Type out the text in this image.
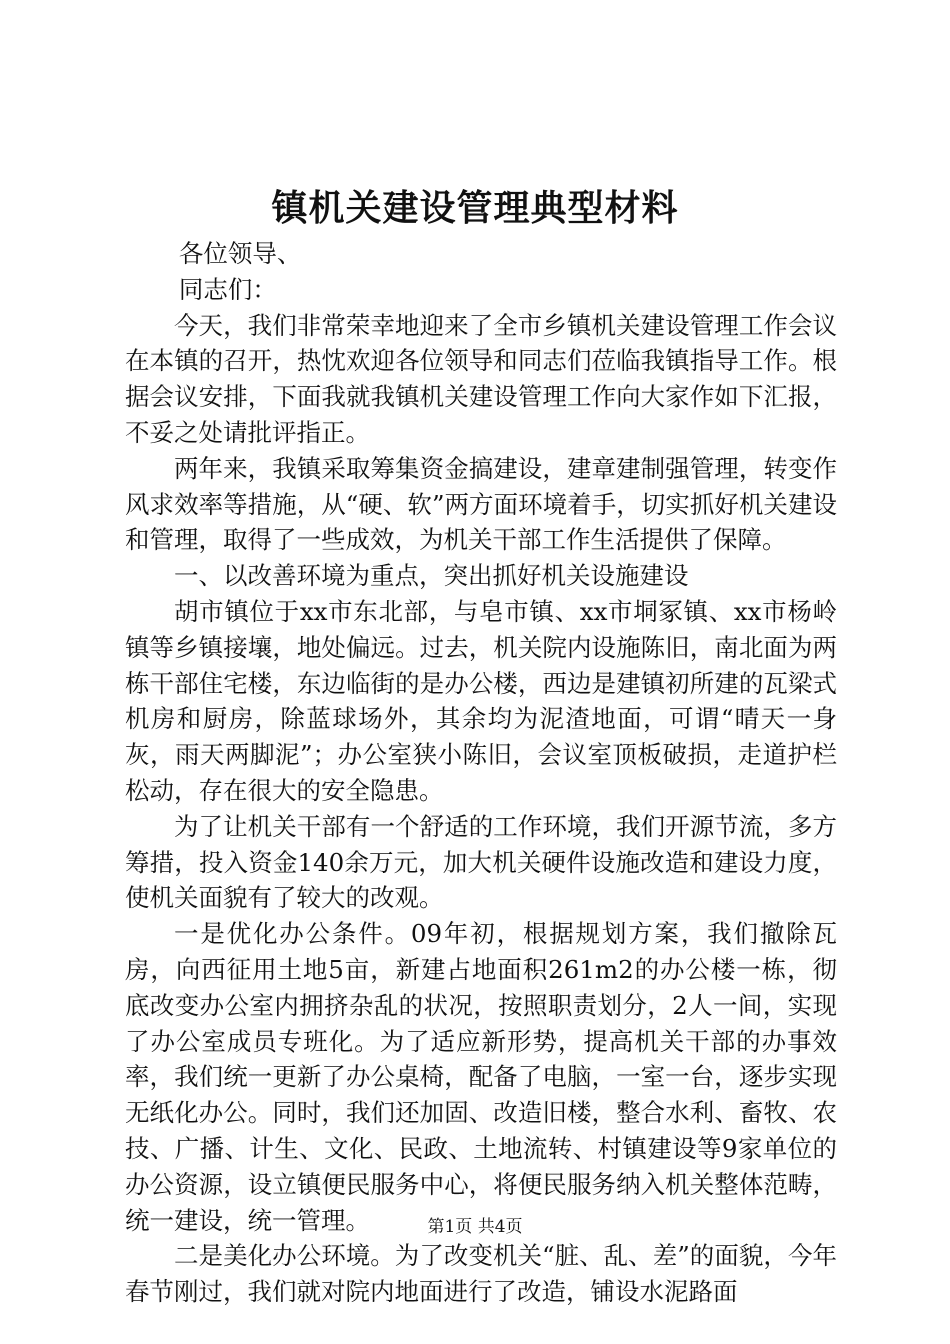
镇机关建设管理典型材料

各位领导、

同志们：

今天，我们非常荣幸地迎来了全市乡镇机关建设管理工作会议在本镇的召开，热忱欢迎各位领导和同志们莅临我镇指导工作。根据会议安排，下面我就我镇机关建设管理工作向大家作如下汇报，不妥之处请批评指正。

两年来，我镇采取筹集资金搞建设，建章建制强管理，转变作风求效率等措施，从“硬、软”两方面环境着手，切实抓好机关建设和管理，取得了一些成效，为机关干部工作生活提供了保障。

一、以改善环境为重点，突出抓好机关设施建设

胡市镇位于xx市东北部，与皂市镇、xx市垌冢镇、xx市杨岭镇等乡镇接壤，地处偏远。过去，机关院内设施陈旧，南北面为两栋干部住宅楼，东边临街的是办公楼，西边是建镇初所建的瓦梁式机房和厨房，除蓝球场外，其余均为泥渣地面，可谓“晴天一身灰，雨天两脚泥”；办公室狭小陈旧，会议室顶板破损，走道护栏松动，存在很大的安全隐患。

为了让机关干部有一个舒适的工作环境，我们开源节流，多方筹措，投入资金140余万元，加大机关硬件设施改造和建设力度，使机关面貌有了较大的改观。

一是优化办公条件。09年初，根据规划方案，我们撤除瓦房，向西征用土地5亩，新建占地面积261m2的办公楼一栋，彻底改变办公室内拥挤杂乱的状况，按照职责划分，2人一间，实现了办公室成员专班化。为了适应新形势，提高机关干部的办事效率，我们统一更新了办公桌椅，配备了电脑，一室一台，逐步实现无纸化办公。同时，我们还加固、改造旧楼，整合水利、畜牧、农技、广播、计生、文化、民政、土地流转、村镇建设等9家单位的办公资源，设立镇便民服务中心，将便民服务纳入机关整体范畴，统一建设，统一管理。

二是美化办公环境。为了改变机关“脏、乱、差”的面貌，今年春节刚过，我们就对院内地面进行了改造，铺设水泥路面

第1页 共4页
